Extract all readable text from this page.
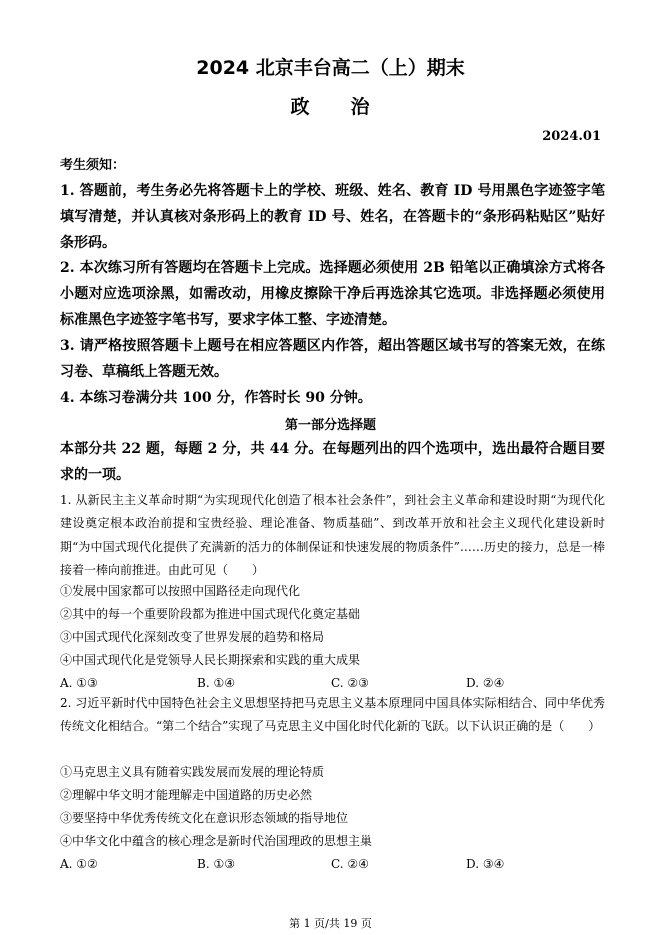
2024 北京丰台高二（上）期末
政 治
2024.01
考生须知：
1. 答题前，考生务必先将答题卡上的学校、班级、姓名、教育 ID 号用黑色字迹签字笔填写清楚，并认真核对条形码上的教育 ID 号、姓名，在答题卡的“条形码粘贴区”贴好条形码。
2. 本次练习所有答题均在答题卡上完成。选择题必须使用 2B 铅笔以正确填涂方式将各小题对应选项涂黑，如需改动，用橡皮擦除干净后再选涂其它选项。非选择题必须使用标准黑色字迹签字笔书写，要求字体工整、字迹清楚。
3. 请严格按照答题卡上题号在相应答题区内作答，超出答题区域书写的答案无效，在练习卷、草稿纸上答题无效。
4. 本练习卷满分共 100 分，作答时长 90 分钟。
第一部分选择题
本部分共 22 题，每题 2 分，共 44 分。在每题列出的四个选项中，选出最符合题目要求的一项。
1. 从新民主主义革命时期“为实现现代化创造了根本社会条件”，到社会主义革命和建设时期“为现代化建设奠定根本政治前提和宝贵经验、理论准备、物质基础”、到改革开放和社会主义现代化建设新时期“为中国式现代化提供了充满新的活力的体制保证和快速发展的物质条件”……历史的接力，总是一棒接着一棒向前推进。由此可见（　　）
①发展中国家都可以按照中国路径走向现代化
②其中的每一个重要阶段都为推进中国式现代化奠定基础
③中国式现代化深刻改变了世界发展的趋势和格局
④中国式现代化是党领导人民长期探索和实践的重大成果
A. ①③	B. ①④	C. ②③	D. ②④
2. 习近平新时代中国特色社会主义思想坚持把马克思主义基本原理同中国具体实际相结合、同中华优秀传统文化相结合。“第二个结合”实现了马克思主义中国化时代化新的飞跃。以下认识正确的是（　　）
①马克思主义具有随着实践发展而发展的理论特质
②理解中华文明才能理解走中国道路的历史必然
③要坚持中华优秀传统文化在意识形态领域的指导地位
④中华文化中蕴含的核心理念是新时代治国理政的思想主巢
A. ①②	B. ①③	C. ②④	D. ③④
第 1 页/共 19 页
